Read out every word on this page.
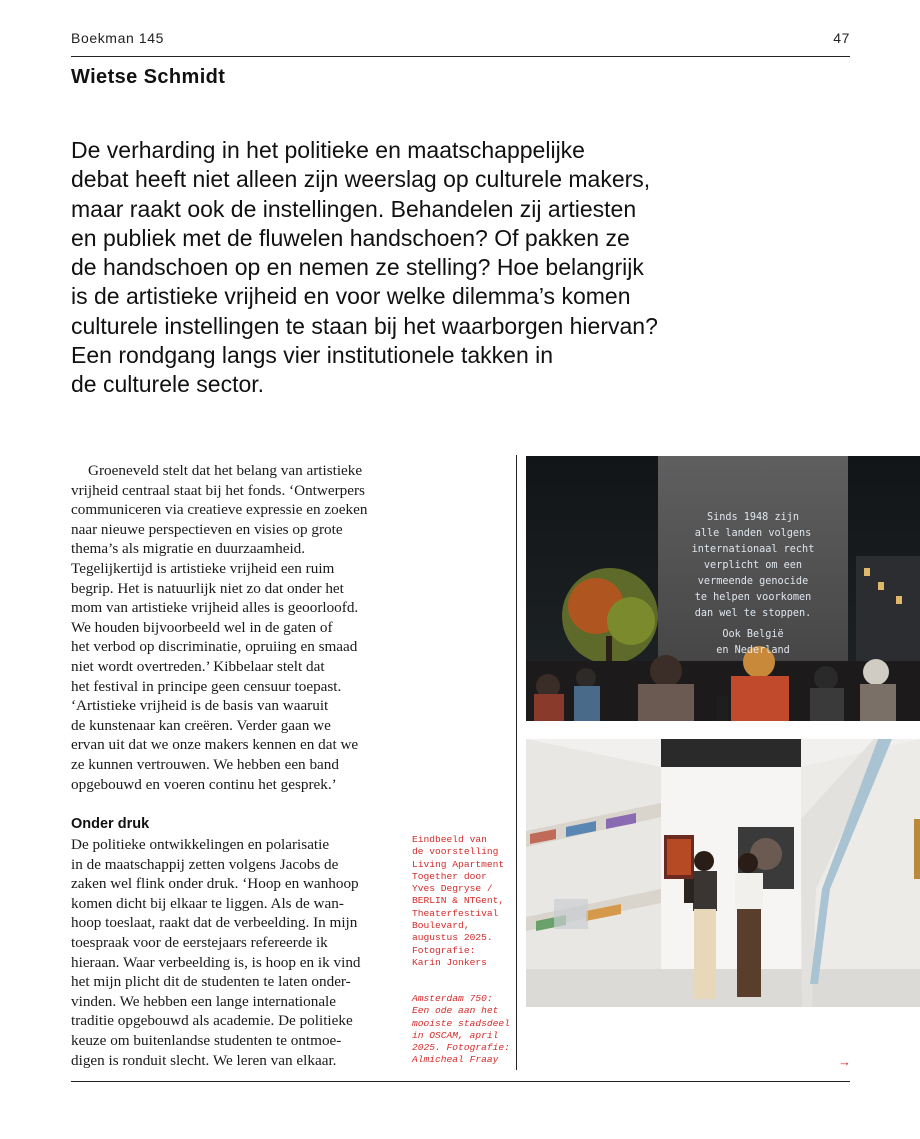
Boekman 145	47
Wietse Schmidt
De verharding in het politieke en maatschappelijke
debat heeft niet alleen zijn weerslag op culturele makers,
maar raakt ook de instellingen. Behandelen zij artiesten
en publiek met de fluwelen handschoen? Of pakken ze
de handschoen op en nemen ze stelling? Hoe belangrijk
is de artistieke vrijheid en voor welke dilemma’s komen
culturele instellingen te staan bij het waarborgen hiervan?
Een rondgang langs vier institutionele takken in
de culturele sector.
Groeneveld stelt dat het belang van artistieke
vrijheid centraal staat bij het fonds. ‘Ontwerpers
communiceren via creatieve expressie en zoeken
naar nieuwe perspectieven en visies op grote
thema’s als migratie en duurzaamheid.
Tegelijkertijd is artistieke vrijheid een ruim
begrip. Het is natuurlijk niet zo dat onder het
mom van artistieke vrijheid alles is geoorloofd.
We houden bijvoorbeeld wel in de gaten of
het verbod op discriminatie, opruiing en smaad
niet wordt overtreden.’ Kibbelaar stelt dat
het festival in principe geen censuur toepast.
‘Artistieke vrijheid is de basis van waaruit
de kunstenaar kan creëren. Verder gaan we
ervan uit dat we onze makers kennen en dat we
ze kunnen vertrouwen. We hebben een band
opgebouwd en voeren continu het gesprek.’
Onder druk
De politieke ontwikkelingen en polarisatie
in de maatschappij zetten volgens Jacobs de
zaken wel flink onder druk. ‘Hoop en wanhoop
komen dicht bij elkaar te liggen. Als de wan-
hoop toeslaat, raakt dat de verbeelding. In mijn
toespraak voor de eerstejaars refereerde ik
hieraan. Waar verbeelding is, is hoop en ik vind
het mijn plicht dit de studenten te laten onder-
vinden. We hebben een lange internationale
traditie opgebouwd als academie. De politieke
keuze om buitenlandse studenten te ontmoe-
digen is ronduit slecht. We leren van elkaar.
Eindbeeld van
de voorstelling
Living Apartment
Together door
Yves Degryse /
BERLIN & NTGent,
Theaterfestival
Boulevard,
augustus 2025.
Fotografie:
Karin Jonkers
Amsterdam 750:
Een ode aan het
mooiste stadsdeel
in OSCAM, april
2025. Fotografie:
Almicheal Fraay
Sinds 1948 zijn
alle landen volgens
internationaal recht
verplicht om een
vermeende genocide
te helpen voorkomen
dan wel te stoppen.
Ook België
en Nederland
→
